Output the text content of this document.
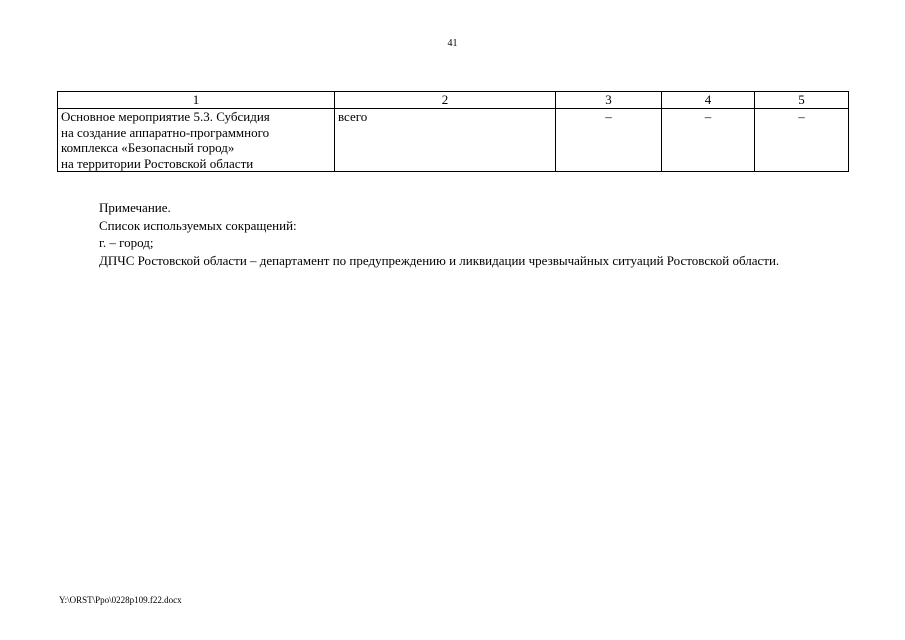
41
1	2	3	4	5

Основное мероприятие 5.3. Субсидия
на создание аппаратно-программного
комплекса «Безопасный город»
на территории Ростовской области	всего	–	–	–

Примечание.

Список используемых сокращений:

г. – город;

ДПЧС Ростовской области – департамент по предупреждению и ликвидации чрезвычайных ситуаций Ростовской области.

Y:\ORST\Ppo\0228p109.f22.docx
